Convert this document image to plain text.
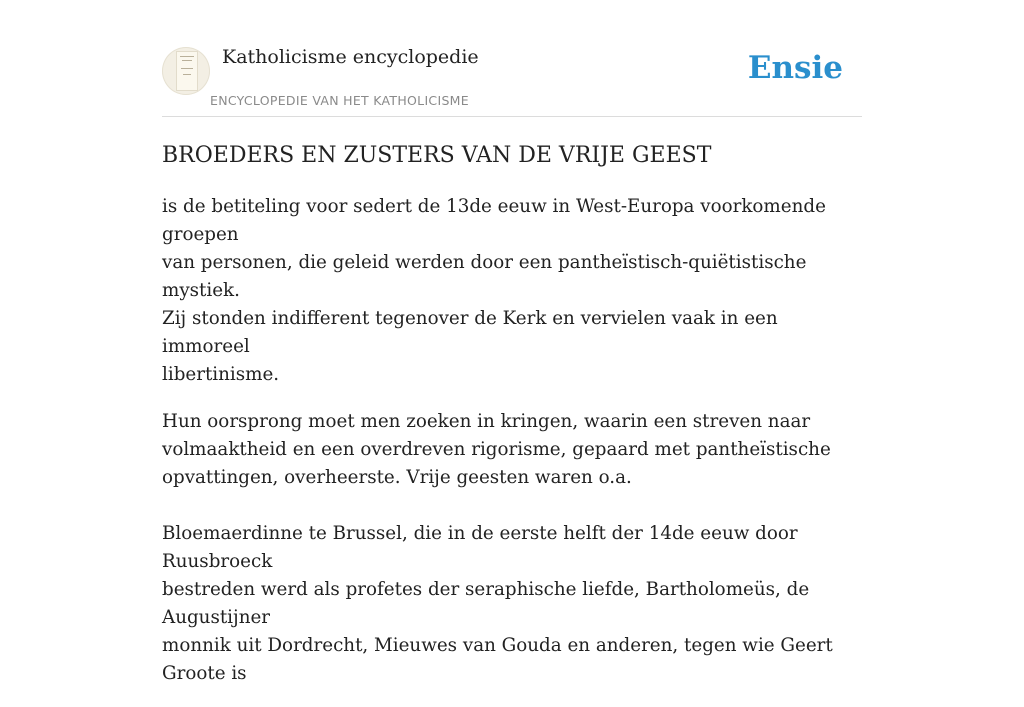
Katholicisme encyclopedie
ENCYCLOPEDIE VAN HET KATHOLICISME
Ensie
BROEDERS EN ZUSTERS VAN DE VRIJE GEEST

is de betiteling voor sedert de 13de eeuw in West-Europa voorkomende groepen
van personen, die geleid werden door een pantheïstisch-quiëtistische mystiek.
Zij stonden indifferent tegenover de Kerk en vervielen vaak in een immoreel
libertinisme.

Hun oorsprong moet men zoeken in kringen, waarin een streven naar
volmaaktheid en een overdreven rigorisme, gepaard met pantheïstische
opvattingen, overheerste. Vrije geesten waren o.a.

Bloemaerdinne te Brussel, die in de eerste helft der 14de eeuw door Ruusbroeck
bestreden werd als profetes der seraphische liefde, Bartholomeüs, de Augustijner
monnik uit Dordrecht, Mieuwes van Gouda en anderen, tegen wie Geert Groote is
